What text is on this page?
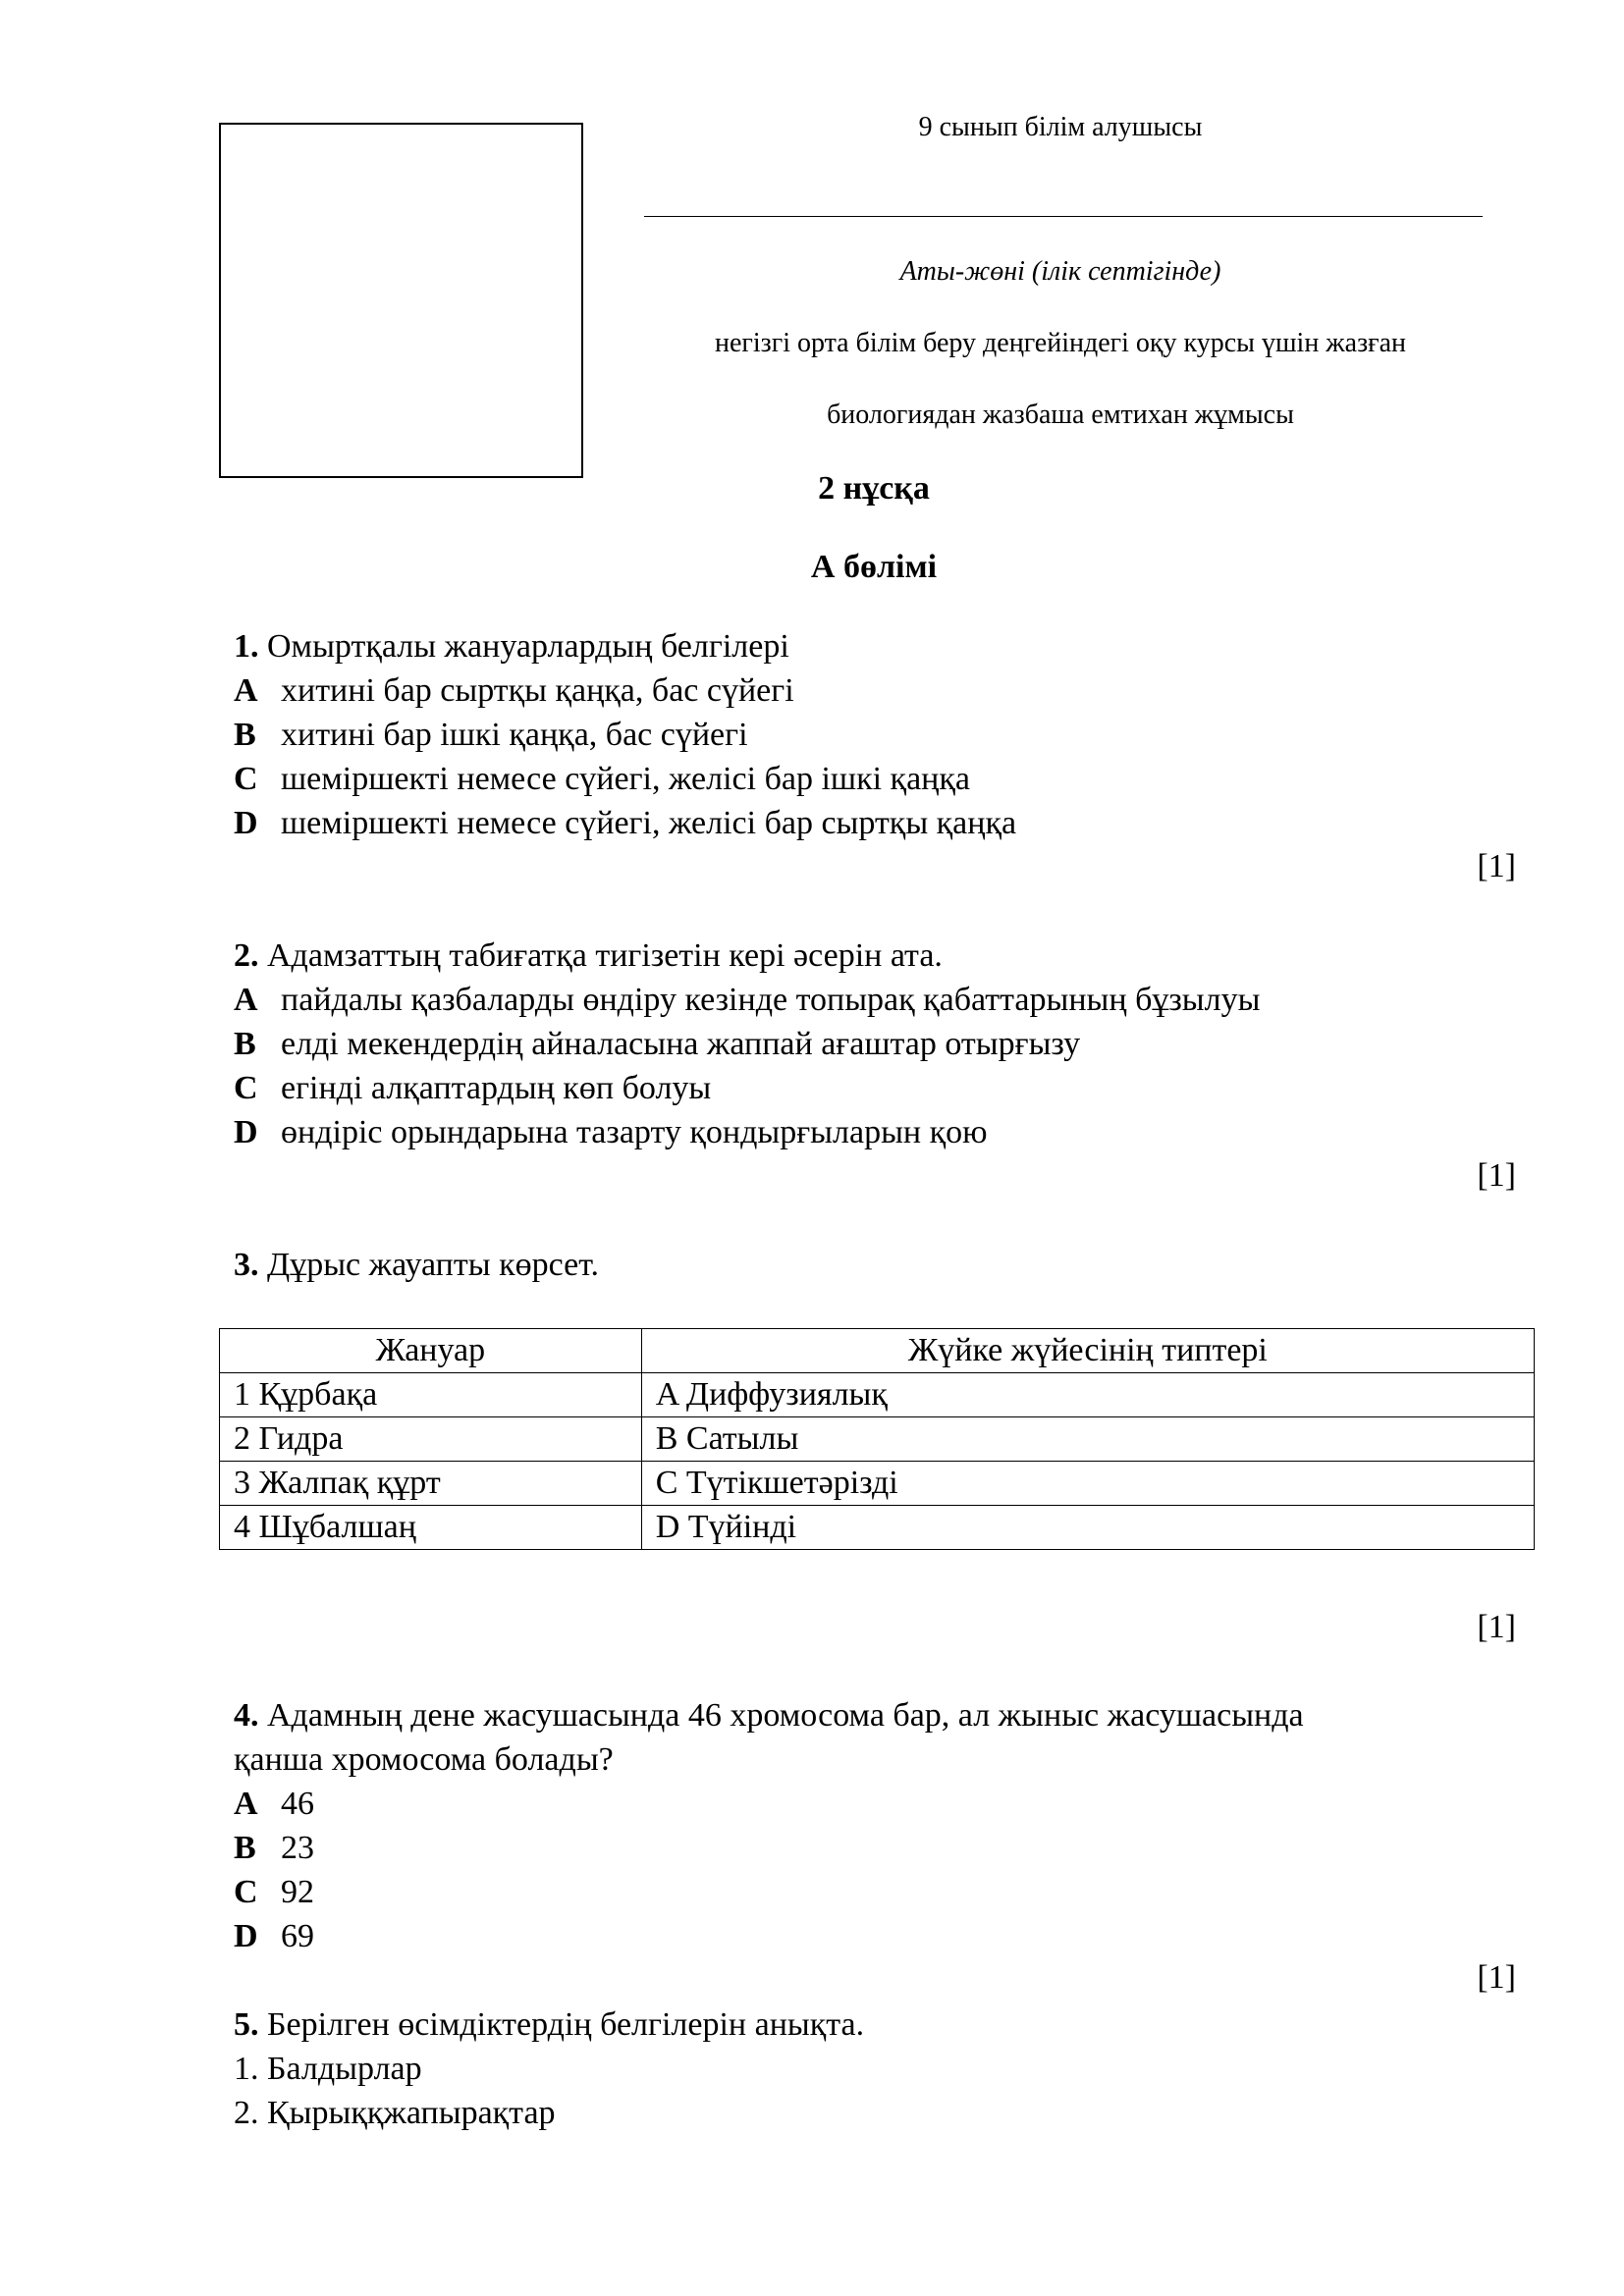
9 сынып білім алушысы
Аты-жөні (ілік септігінде)
негізгі орта білім беру деңгейіндегі оқу курсы үшін жазған
биологиядан жазбаша емтихан жұмысы
2 нұсқа
А бөлімі
1. Омыртқалы жануарлардың белгілері
A хитині бар сыртқы қаңқа, бас сүйегі
B хитині бар ішкі қаңқа, бас сүйегі
C шеміршекті немесе сүйегі, желісі бар ішкі қаңқа
D шеміршекті немесе сүйегі, желісі бар сыртқы қаңқа
[1]
2. Адамзаттың табиғатқа тигізетін кері әсерін ата.
A пайдалы қазбаларды өндіру кезінде топырақ қабаттарының бұзылуы
B елді мекендердің айналасына жаппай ағаштар отырғызу
C егінді алқаптардың көп болуы
D өндіріс орындарына тазарту қондырғыларын қою
[1]
3. Дұрыс жауапты көрсет.
Жануар	Жүйке жүйесінің типтері
1 Құрбақа	A Диффузиялық
2 Гидра	B Сатылы
3 Жалпақ құрт	C Түтікшетәрізді
4 Шұбалшаң	D Түйінді
[1]
4. Адамның дене жасушасында 46 хромосома бар, ал жыныс жасушасында
қанша хромосома болады?
A 46
B 23
C 92
D 69
[1]
5. Берілген өсімдіктердің белгілерін анықта.
1. Балдырлар
2. Қырыққжапырақтар
